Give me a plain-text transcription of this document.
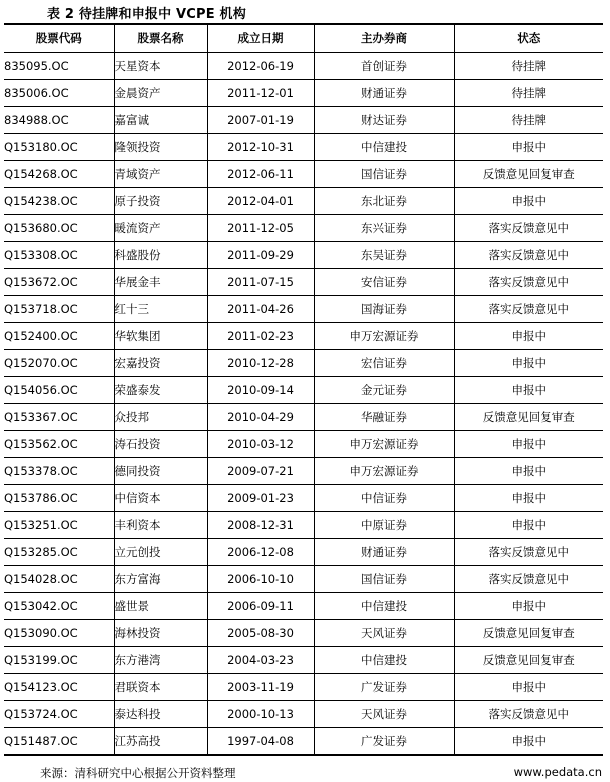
表 2 待挂牌和申报中 VCPE 机构
股票代码	股票名称	成立日期	主办券商	状态
835095.OC	天星资本	2012-06-19	首创证券	待挂牌
835006.OC	金晨资产	2011-12-01	财通证券	待挂牌
834988.OC	嘉富诚	2007-01-19	财达证券	待挂牌
Q153180.OC	隆领投资	2012-10-31	中信建投	申报中
Q154268.OC	青域资产	2012-06-11	国信证券	反馈意见回复审查
Q154238.OC	原子投资	2012-04-01	东北证券	申报中
Q153680.OC	暖流资产	2011-12-05	东兴证券	落实反馈意见中
Q153308.OC	科盛股份	2011-09-29	东吴证券	落实反馈意见中
Q153672.OC	华展金丰	2011-07-15	安信证券	落实反馈意见中
Q153718.OC	红十三	2011-04-26	国海证券	落实反馈意见中
Q152400.OC	华软集团	2011-02-23	申万宏源证券	申报中
Q152070.OC	宏嘉投资	2010-12-28	宏信证券	申报中
Q154056.OC	荣盛泰发	2010-09-14	金元证券	申报中
Q153367.OC	众投邦	2010-04-29	华融证券	反馈意见回复审查
Q153562.OC	涛石投资	2010-03-12	申万宏源证券	申报中
Q153378.OC	德同投资	2009-07-21	申万宏源证券	申报中
Q153786.OC	中信资本	2009-01-23	中信证券	申报中
Q153251.OC	丰利资本	2008-12-31	中原证券	申报中
Q153285.OC	立元创投	2006-12-08	财通证券	落实反馈意见中
Q154028.OC	东方富海	2006-10-10	国信证券	落实反馈意见中
Q153042.OC	盛世景	2006-09-11	中信建投	申报中
Q153090.OC	海林投资	2005-08-30	天风证券	反馈意见回复审查
Q153199.OC	东方港湾	2004-03-23	中信建投	反馈意见回复审查
Q154123.OC	君联资本	2003-11-19	广发证券	申报中
Q153724.OC	泰达科投	2000-10-13	天风证券	落实反馈意见中
Q151487.OC	江苏高投	1997-04-08	广发证券	申报中
来源：清科研究中心根据公开资料整理	www.pedata.cn
